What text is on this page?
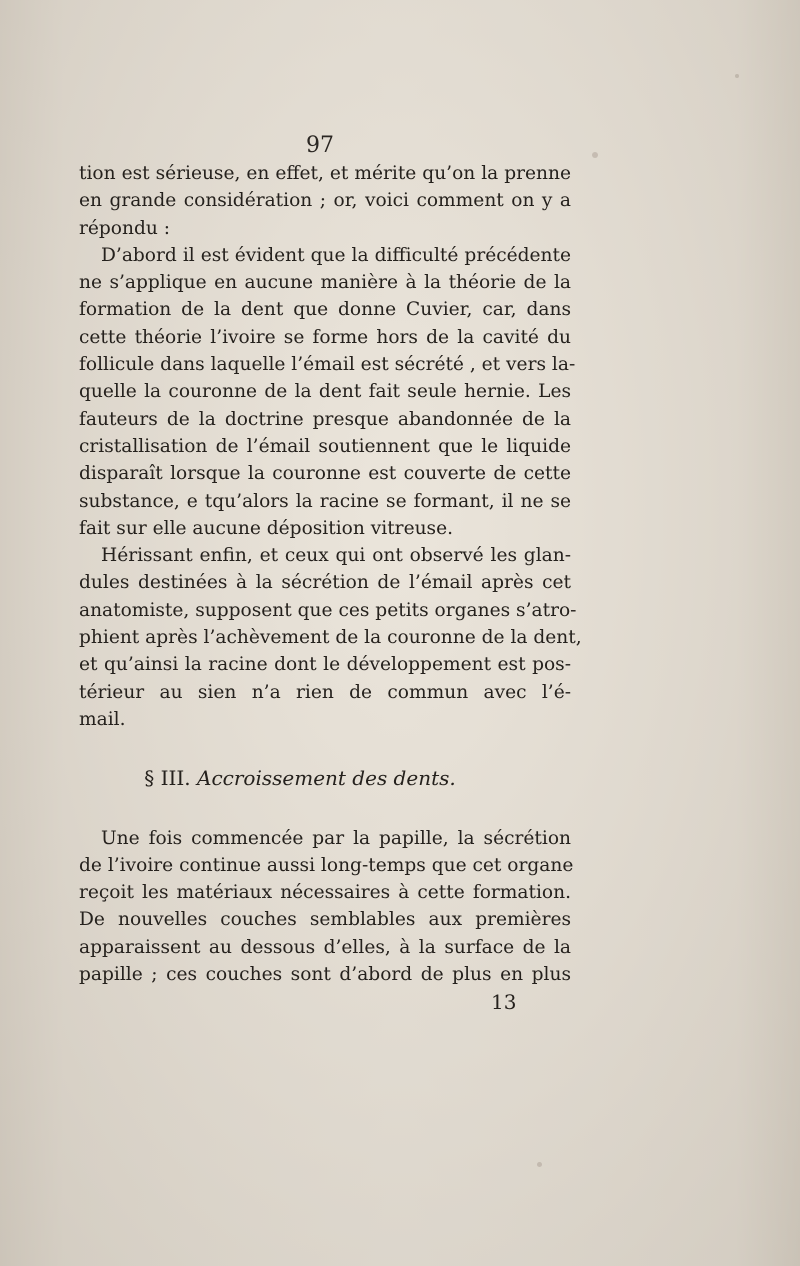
97
tion est sérieuse, en effet, et mérite qu’on la prenne
en grande considération ; or, voici comment on y a
répondu :
D’abord il est évident que la difficulté précédente
ne s’applique en aucune manière à la théorie de la
formation de la dent que donne Cuvier, car, dans
cette théorie l’ivoire se forme hors de la cavité du
follicule dans laquelle l’émail est sécrété , et vers la-
quelle la couronne de la dent fait seule hernie. Les
fauteurs de la doctrine presque abandonnée de la
cristallisation de l’émail soutiennent que le liquide
disparaît lorsque la couronne est couverte de cette
substance, e tqu’alors la racine se formant, il ne se
fait sur elle aucune déposition vitreuse.
Hérissant enfin, et ceux qui ont observé les glan-
dules destinées à la sécrétion de l’émail après cet
anatomiste, supposent que ces petits organes s’atro-
phient après l’achèvement de la couronne de la dent,
et qu’ainsi la racine dont le développement est pos-
térieur au sien n’a rien de commun avec l’é-
mail.
§ III. Accroissement des dents.
Une fois commencée par la papille, la sécrétion
de l’ivoire continue aussi long-temps que cet organe
reçoit les matériaux nécessaires à cette formation.
De nouvelles couches semblables aux premières
apparaissent au dessous d’elles, à la surface de la
papille ; ces couches sont d’abord de plus en plus
13
